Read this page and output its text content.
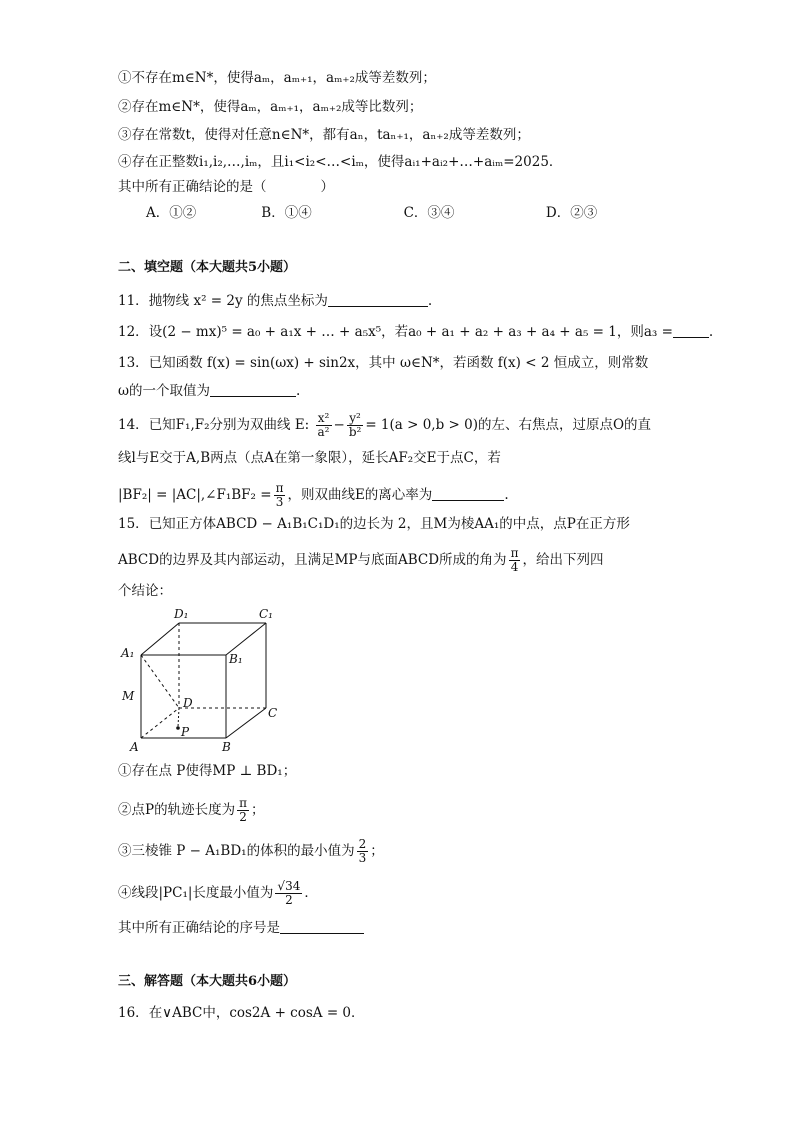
①不存在m∈N*，使得aₘ，aₘ₊₁，aₘ₊₂成等差数列；
②存在m∈N*，使得aₘ，aₘ₊₁，aₘ₊₂成等比数列；
③存在常数t，使得对任意n∈N*，都有aₙ，taₙ₊₁，aₙ₊₂成等差数列；
④存在正整数i₁,i₂,…,iₘ，且i₁<i₂<…<iₘ，使得aᵢ₁+aᵢ₂+…+aᵢₘ=2025．
其中所有正确结论的是（　　　　）
A．①②	B．①④	C．③④	D．②③
二、填空题（本大题共5小题）
11．抛物线 x² = 2y 的焦点坐标为	.
12．设(2 − mx)⁵ = a₀ + a₁x + … + a₅x⁵，若a₀ + a₁ + a₂ + a₃ + a₄ + a₅ = 1，则a₃ =	.
13．已知函数 f(x) = sin(ωx) + sin2x，其中 ω∈N*，若函数 f(x) < 2 恒成立，则常数
ω的一个取值为	.
14．已知F₁,F₂分别为双曲线 E: $\frac{\text{x²}}{\text{a²}} - \frac{\text{y²}}{\text{b²}} = 1(a > 0,b > 0)$的左、右焦点，过原点O的直
线l与E交于A,B两点（点A在第一象限），延长AF₂交E于点C，若
|BF₂| = |AC|,∠F₁BF₂ = $\frac{\pi}{3}$ ，则双曲线E的离心率为	.
15．已知正方体ABCD − A₁B₁C₁D₁的边长为 2，且M为棱AA₁的中点，点P在正方形
ABCD的边界及其内部运动，且满足MP与底面ABCD所成的角为 $\frac{\pi}{4}$ ，给出下列四
个结论：
D₁	C₁
A₁	B₁
M	D
C
P
A	B
①存在点 P使得MP ⊥ BD₁；
②点P的轨迹长度为 $\frac{\pi}{2}$ ；
③三棱锥 P − A₁BD₁的体积的最小值为 $\frac{2}{3}$ ；
④线段|PC₁|长度最小值为 $\frac{√34}{2}$ ．
其中所有正确结论的序号是
三、解答题（本大题共6小题）
16．在∨ABC中，cos2A + cosA = 0．
